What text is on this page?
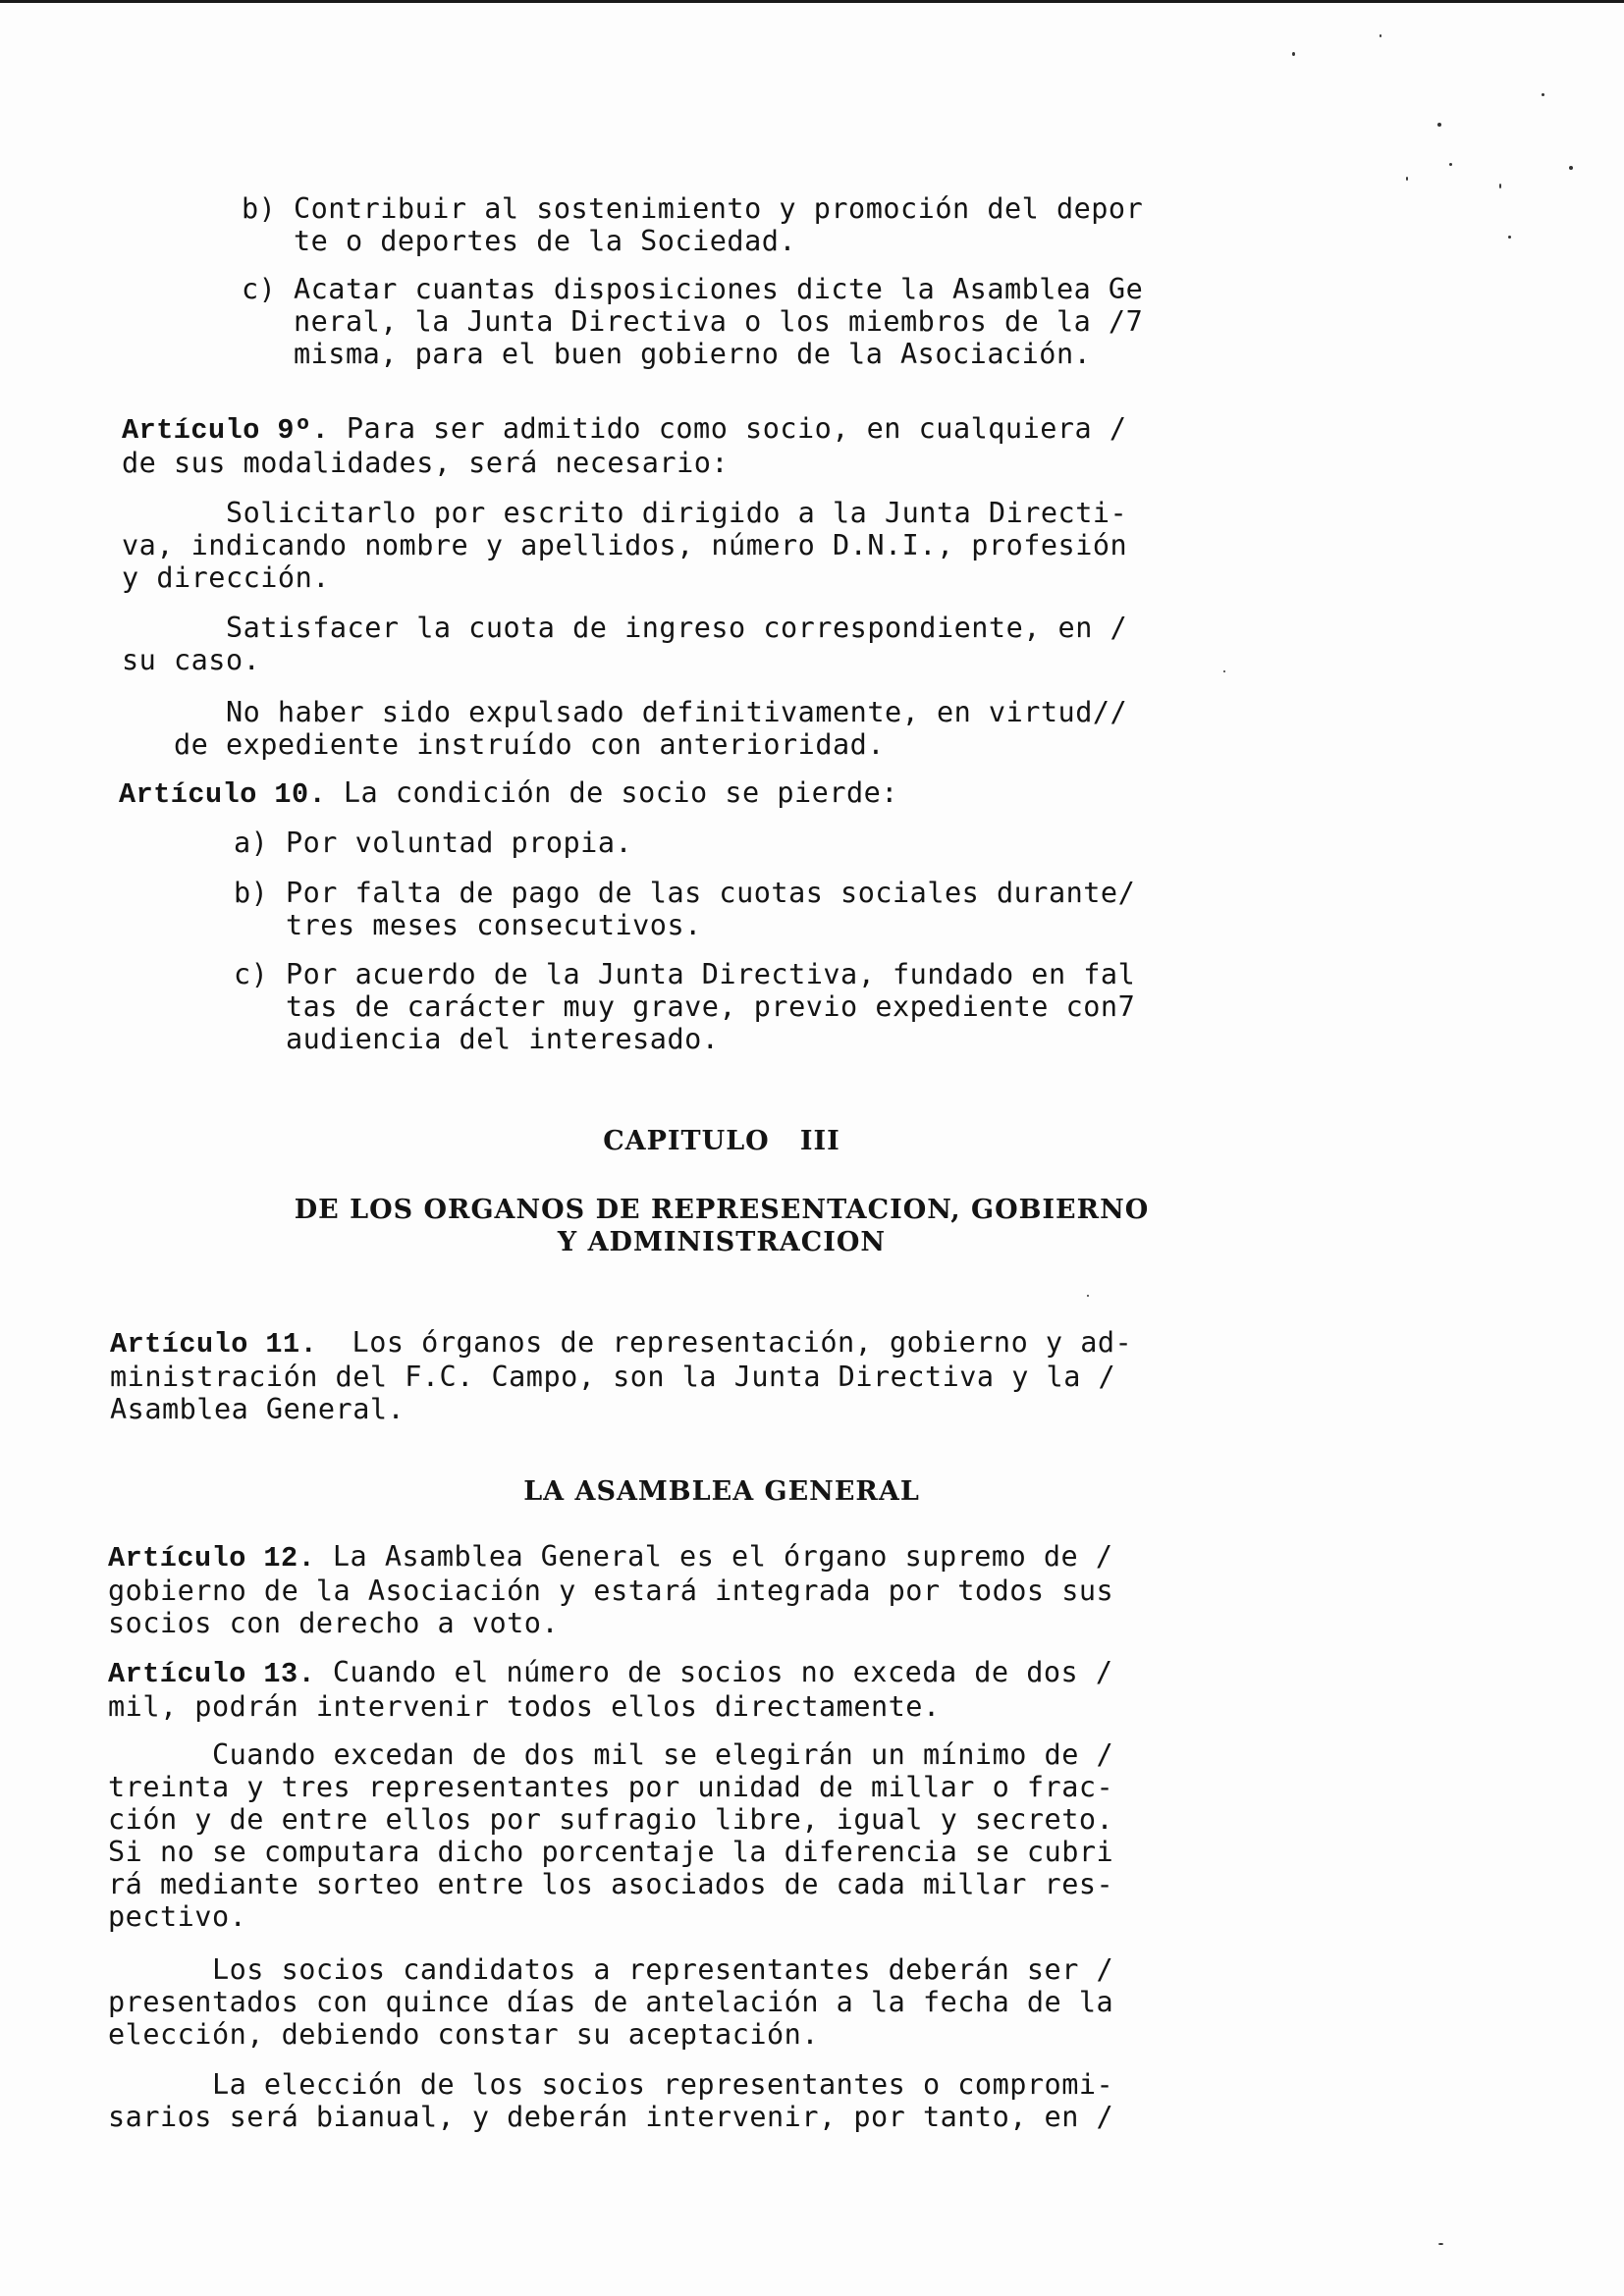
b) Contribuir al sostenimiento y promoción del depor
te o deportes de la Sociedad.
c) Acatar cuantas disposiciones dicte la Asamblea Ge
neral, la Junta Directiva o los miembros de la /7
misma, para el buen gobierno de la Asociación.
Artículo 9º. Para ser admitido como socio, en cualquiera /
de sus modalidades, será necesario:
Solicitarlo por escrito dirigido a la Junta Directi-
va, indicando nombre y apellidos, número D.N.I., profesión
y dirección.
Satisfacer la cuota de ingreso correspondiente, en /
su caso.
No haber sido expulsado definitivamente, en virtud//
de expediente instruído con anterioridad.
Artículo 10. La condición de socio se pierde:
a) Por voluntad propia.
b) Por falta de pago de las cuotas sociales durante/
tres meses consecutivos.
c) Por acuerdo de la Junta Directiva, fundado en fal
tas de carácter muy grave, previo expediente con7
audiencia del interesado.
CAPITULO   III
DE LOS ORGANOS DE REPRESENTACION, GOBIERNO
Y ADMINISTRACION
Artículo 11.  Los órganos de representación, gobierno y ad-
ministración del F.C. Campo, son la Junta Directiva y la /
Asamblea General.
LA ASAMBLEA GENERAL
Artículo 12. La Asamblea General es el órgano supremo de /
gobierno de la Asociación y estará integrada por todos sus
socios con derecho a voto.
Artículo 13. Cuando el número de socios no exceda de dos /
mil, podrán intervenir todos ellos directamente.
Cuando excedan de dos mil se elegirán un mínimo de /
treinta y tres representantes por unidad de millar o frac-
ción y de entre ellos por sufragio libre, igual y secreto.
Si no se computara dicho porcentaje la diferencia se cubri
rá mediante sorteo entre los asociados de cada millar res-
pectivo.
Los socios candidatos a representantes deberán ser /
presentados con quince días de antelación a la fecha de la
elección, debiendo constar su aceptación.
La elección de los socios representantes o compromi-
sarios será bianual, y deberán intervenir, por tanto, en /
